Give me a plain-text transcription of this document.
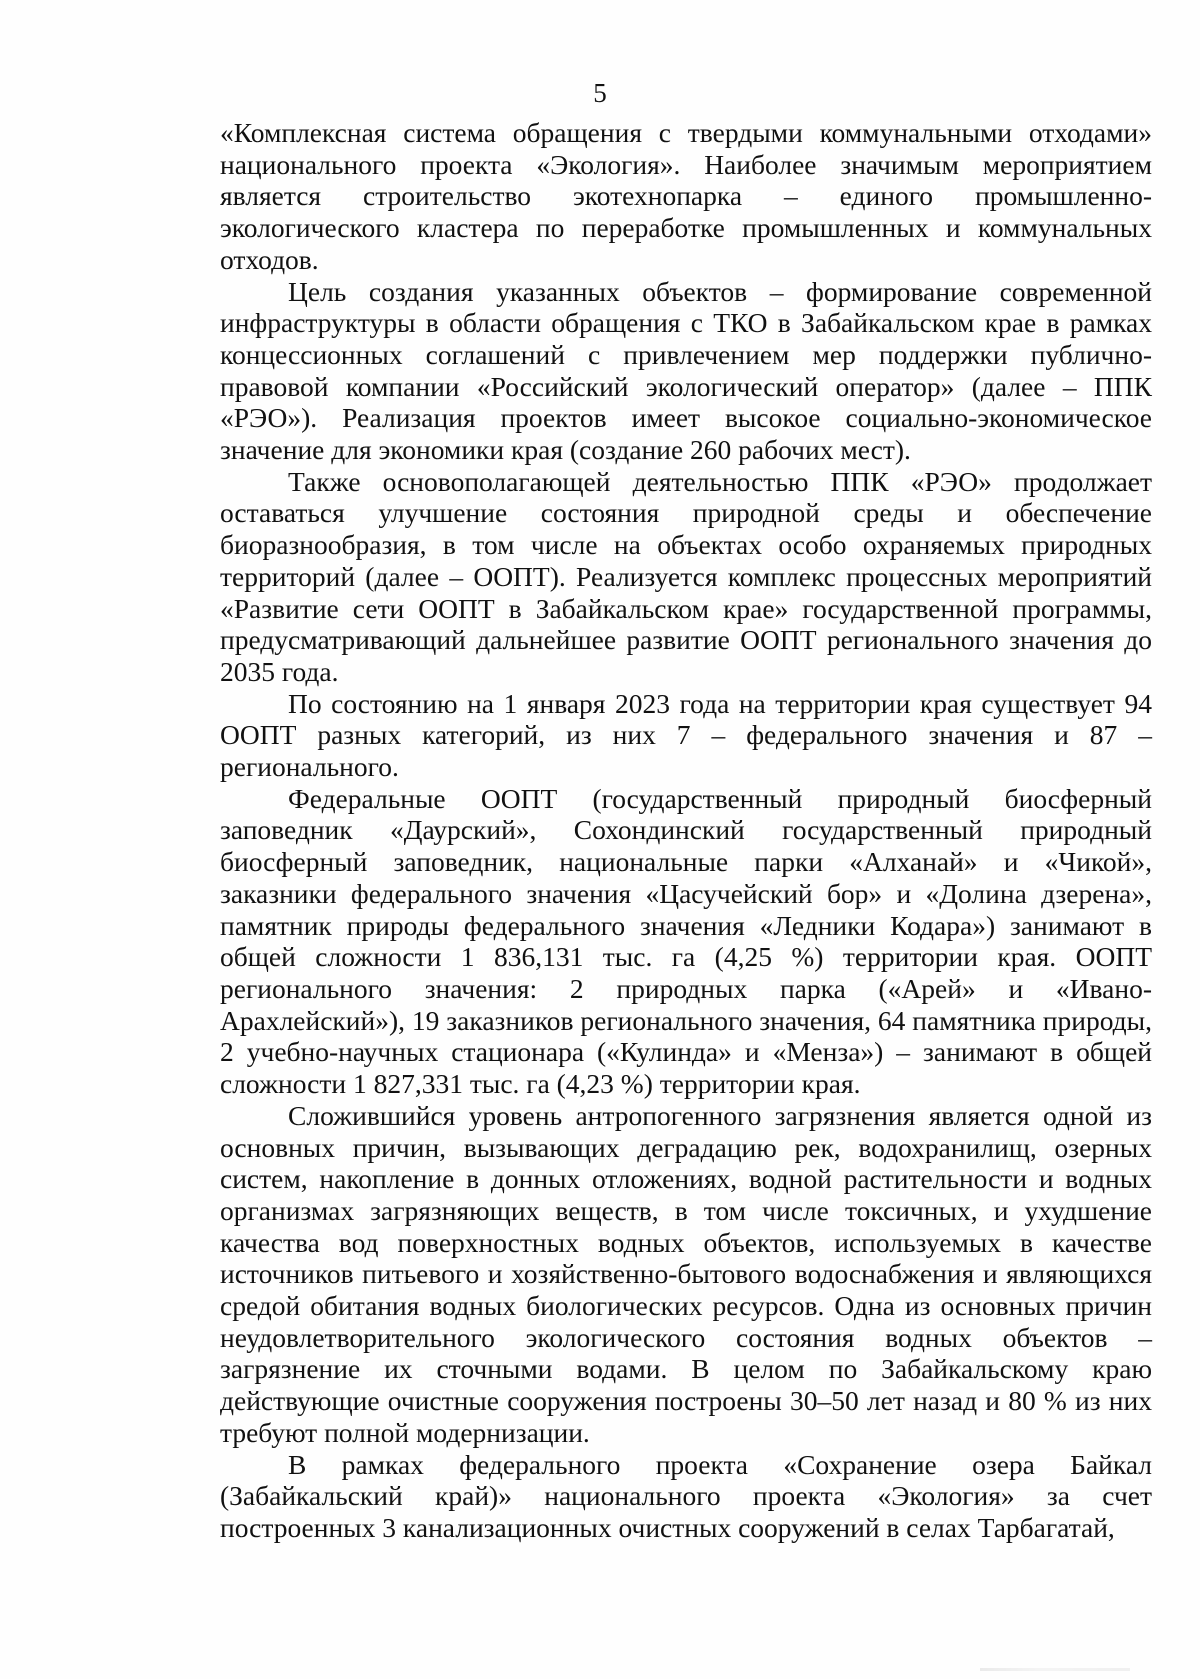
5

«Комплексная система обращения с твердыми коммунальными отходами» национального проекта «Экология». Наиболее значимым мероприятием является строительство экотехнопарка – единого промышленно-экологического кластера по переработке промышленных и коммунальных отходов.

Цель создания указанных объектов – формирование современной инфраструктуры в области обращения с ТКО в Забайкальском крае в рамках концессионных соглашений с привлечением мер поддержки публично-правовой компании «Российский экологический оператор» (далее – ППК «РЭО»). Реализация проектов имеет высокое социально-экономическое значение для экономики края (создание 260 рабочих мест).

Также основополагающей деятельностью ППК «РЭО» продолжает оставаться улучшение состояния природной среды и обеспечение биоразнообразия, в том числе на объектах особо охраняемых природных территорий (далее – ООПТ). Реализуется комплекс процессных мероприятий «Развитие сети ООПТ в Забайкальском крае» государственной программы, предусматривающий дальнейшее развитие ООПТ регионального значения до 2035 года.

По состоянию на 1 января 2023 года на территории края существует 94 ООПТ разных категорий, из них 7 – федерального значения и 87 – регионального.

Федеральные ООПТ (государственный природный биосферный заповедник «Даурский», Сохондинский государственный природный биосферный заповедник, национальные парки «Алханай» и «Чикой», заказники федерального значения «Цасучейский бор» и «Долина дзерена», памятник природы федерального значения «Ледники Кодара») занимают в общей сложности 1 836,131 тыс. га (4,25 %) территории края. ООПТ регионального значения: 2 природных парка («Арей» и «Ивано-Арахлейский»), 19 заказников регионального значения, 64 памятника природы, 2 учебно-научных стационара («Кулинда» и «Менза») – занимают в общей сложности 1 827,331 тыс. га (4,23 %) территории края.

Сложившийся уровень антропогенного загрязнения является одной из основных причин, вызывающих деградацию рек, водохранилищ, озерных систем, накопление в донных отложениях, водной растительности и водных организмах загрязняющих веществ, в том числе токсичных, и ухудшение качества вод поверхностных водных объектов, используемых в качестве источников питьевого и хозяйственно-бытового водоснабжения и являющихся средой обитания водных биологических ресурсов. Одна из основных причин неудовлетворительного экологического состояния водных объектов – загрязнение их сточными водами. В целом по Забайкальскому краю действующие очистные сооружения построены 30–50 лет назад и 80 % из них требуют полной модернизации.

В рамках федерального проекта «Сохранение озера Байкал (Забайкальский край)» национального проекта «Экология» за счет построенных 3 канализационных очистных сооружений в селах Тарбагатай,
